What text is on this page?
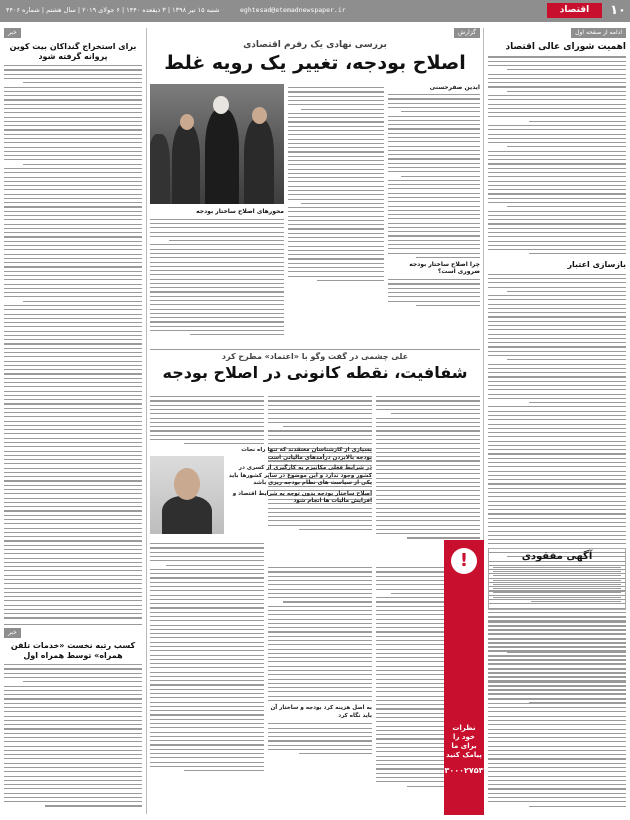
۱۰
اقتصاد
eghtesad@etemadnewspaper.ir
شنبه ۱۵ تیر ۱۳۹۸ | ۳ ذیقعده ۱۴۴۰ | ۶ جولای ۲۰۱۹ | سال هشتم | شماره ۴۴۰۶
ادامه از صفحه اول
اهمیت شورای عالی اقتصاد
بازسازی اعتبار
گزارش
بررسی نهادی یک رفرم اقتصادی
اصلاح بودجه، تغییر یک رویه غلط
آیدین صفرحسنی
چرا اصلاح ساختار بودجه ضروری است؟
محورهای اصلاح ساختار بودجه
علی چشمی در گفت وگو با «اعتماد» مطرح کرد
شفافیت، نقطه کانونی در اصلاح بودجه
بسیاری از کارشناسان معتقدند که تنها راه نجات بودجه بالابردن درآمدهای مالیاتی است
در شرایط فعلی مکانیزم به کارگیری از کسری در کشور وجود ندارد و این موضوع در سایر کشورها باید یکی از سیاست های نظام بودجه ریزی باشد
اصلاح ساختار بودجه بدون توجه به شرایط اقتصاد و افزایش مالیات ها انجام شود
به اصل هزینه کرد بودجه و ساختار آن باید نگاه کرد
خبر
برای استخراج گنداکان بیت کوین پروانه گرفته شود
خبر
کسب رتبه نخست «خدمات تلفن همراه» توسط همراه اول
آگهی مفقودی
!
نظرات خود را برای ما پیامک کنید
۳۰۰۰۲۷۵۳
